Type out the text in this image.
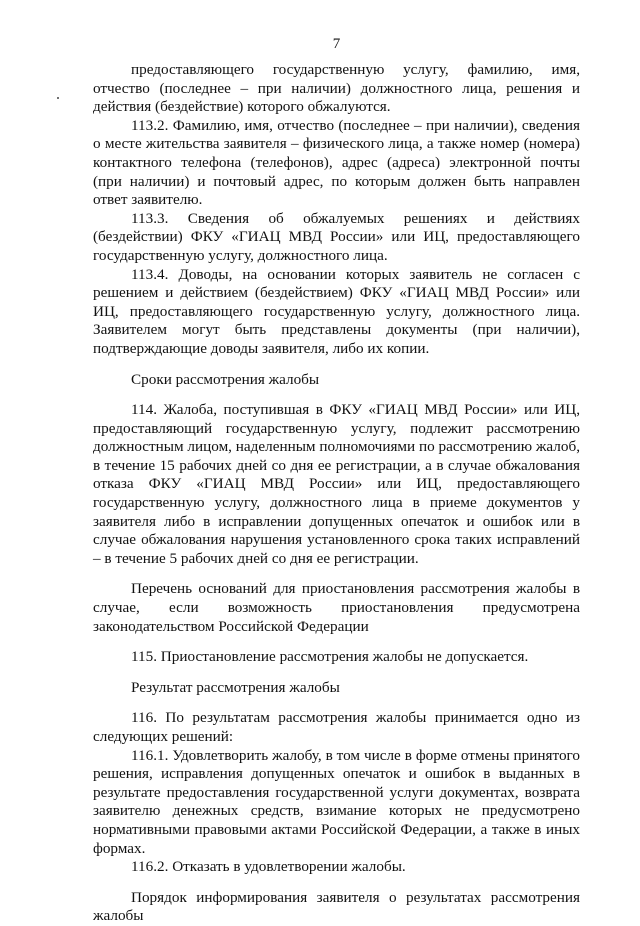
7

предоставляющего государственную услугу, фамилию, имя, отчество (последнее – при наличии) должностного лица, решения и действия (бездействие) которого обжалуются.

113.2. Фамилию, имя, отчество (последнее – при наличии), сведения о месте жительства заявителя – физического лица, а также номер (номера) контактного телефона (телефонов), адрес (адреса) электронной почты (при наличии) и почтовый адрес, по которым должен быть направлен ответ заявителю.

113.3. Сведения об обжалуемых решениях и действиях (бездействии) ФКУ «ГИАЦ МВД России» или ИЦ, предоставляющего государственную услугу, должностного лица.

113.4. Доводы, на основании которых заявитель не согласен с решением и действием (бездействием) ФКУ «ГИАЦ МВД России» или ИЦ, предоставляющего государственную услугу, должностного лица. Заявителем могут быть представлены документы (при наличии), подтверждающие доводы заявителя, либо их копии.

Сроки рассмотрения жалобы

114. Жалоба, поступившая в ФКУ «ГИАЦ МВД России» или ИЦ, предоставляющий государственную услугу, подлежит рассмотрению должностным лицом, наделенным полномочиями по рассмотрению жалоб, в течение 15 рабочих дней со дня ее регистрации, а в случае обжалования отказа ФКУ «ГИАЦ МВД России» или ИЦ, предоставляющего государственную услугу, должностного лица в приеме документов у заявителя либо в исправлении допущенных опечаток и ошибок или в случае обжалования нарушения установленного срока таких исправлений – в течение 5 рабочих дней со дня ее регистрации.

Перечень оснований для приостановления рассмотрения жалобы в случае, если возможность приостановления предусмотрена законодательством Российской Федерации

115. Приостановление рассмотрения жалобы не допускается.

Результат рассмотрения жалобы

116. По результатам рассмотрения жалобы принимается одно из следующих решений:

116.1. Удовлетворить жалобу, в том числе в форме отмены принятого решения, исправления допущенных опечаток и ошибок в выданных в результате предоставления государственной услуги документах, возврата заявителю денежных средств, взимание которых не предусмотрено нормативными правовыми актами Российской Федерации, а также в иных формах.

116.2. Отказать в удовлетворении жалобы.

Порядок информирования заявителя о результатах рассмотрения жалобы
